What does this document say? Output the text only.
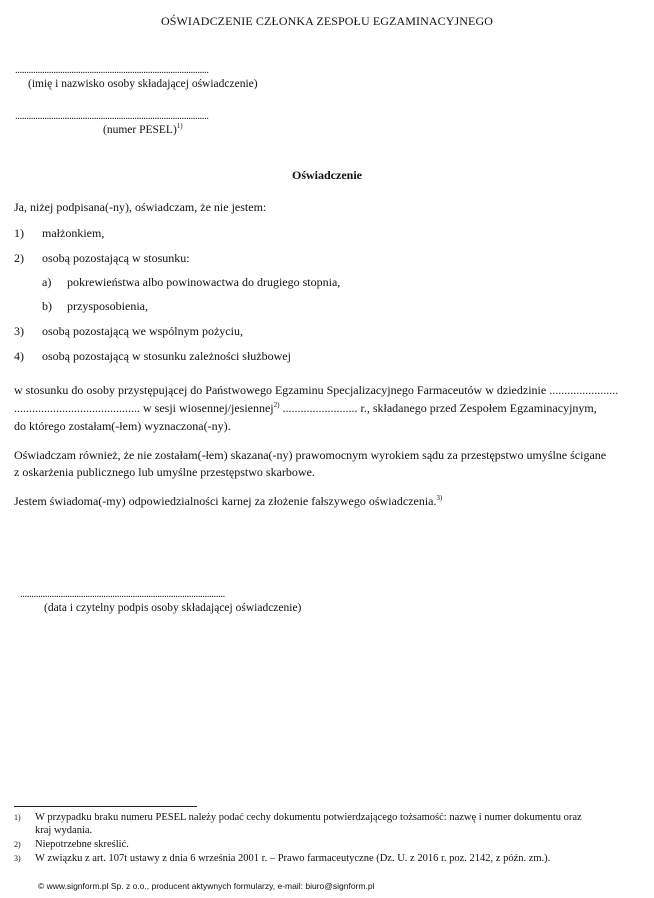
OŚWIADCZENIE CZŁONKA ZESPOŁU EGZAMINACYJNEGO
......................................................................................
(imię i nazwisko osoby składającej oświadczenie)
......................................................................................
(numer PESEL)$^{1)}$
Oświadczenie
Ja, niżej podpisana(-ny), oświadczam, że nie jestem:
1)	małżonkiem,
2)	osobą pozostającą w stosunku:
a)	pokrewieństwa albo powinowactwa do drugiego stopnia,
b)	przysposobienia,
3)	osobą pozostającą we wspólnym pożyciu,
4)	osobą pozostającą w stosunku zależności służbowej
w stosunku do osoby przystępującej do Państwowego Egzaminu Specjalizacyjnego Farmaceutów w dziedzinie .......................
.......................................... w sesji wiosennej/jesiennej$^{2)}$ ......................... r., składanego przed Zespołem Egzaminacyjnym,
do którego zostałam(-łem) wyznaczona(-ny).
Oświadczam również, że nie zostałam(-łem) skazana(-ny) prawomocnym wyrokiem sądu za przestępstwo umyślne ścigane
z oskarżenia publicznego lub umyślne przestępstwo skarbowe.
Jestem świadoma(-my) odpowiedzialności karnej za złożenie fałszywego oświadczenia.$^{3)}$
...........................................................................................
(data i czytelny podpis osoby składającej oświadczenie)
1) W przypadku braku numeru PESEL należy podać cechy dokumentu potwierdzającego tożsamość: nazwę i numer dokumentu oraz
kraj wydania.
2) Niepotrzebne skreślić.
3) W związku z art. 107t ustawy z dnia 6 września 2001 r. – Prawo farmaceutyczne (Dz. U. z 2016 r. poz. 2142, z późn. zm.).
© www.signform.pl Sp. z o.o., producent aktywnych formularzy, e-mail: biuro@signform.pl
